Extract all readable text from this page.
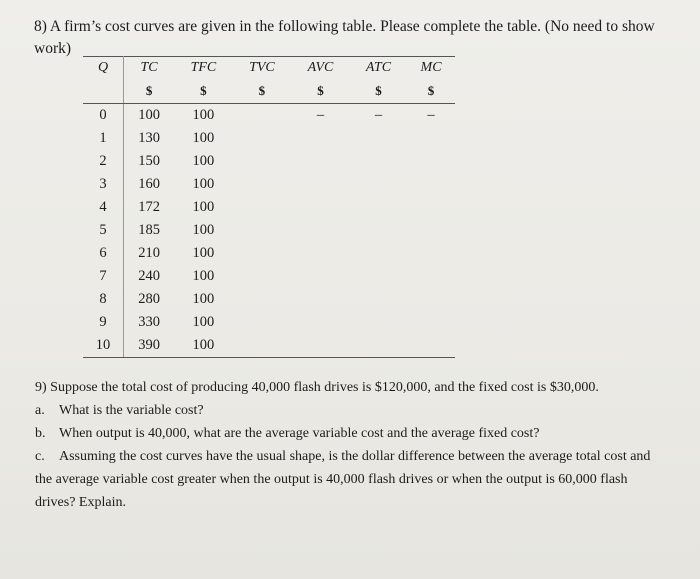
8) A firm’s cost curves are given in the following table. Please complete the table. (No need to show work)
Q	TC	TFC	TVC	AVC	ATC	MC
	$	$	$	$	$	$
0	100	100		–	–	–
1	130	100				
2	150	100				
3	160	100				
4	172	100				
5	185	100				
6	210	100				
7	240	100				
8	280	100				
9	330	100				
10	390	100				

9) Suppose the total cost of producing 40,000 flash drives is $120,000, and the fixed cost is $30,000.

a. What is the variable cost?

b. When output is 40,000, what are the average variable cost and the average fixed cost?

c. Assuming the cost curves have the usual shape, is the dollar difference between the average total cost and the average variable cost greater when the output is 40,000 flash drives or when the output is 60,000 flash drives? Explain.
